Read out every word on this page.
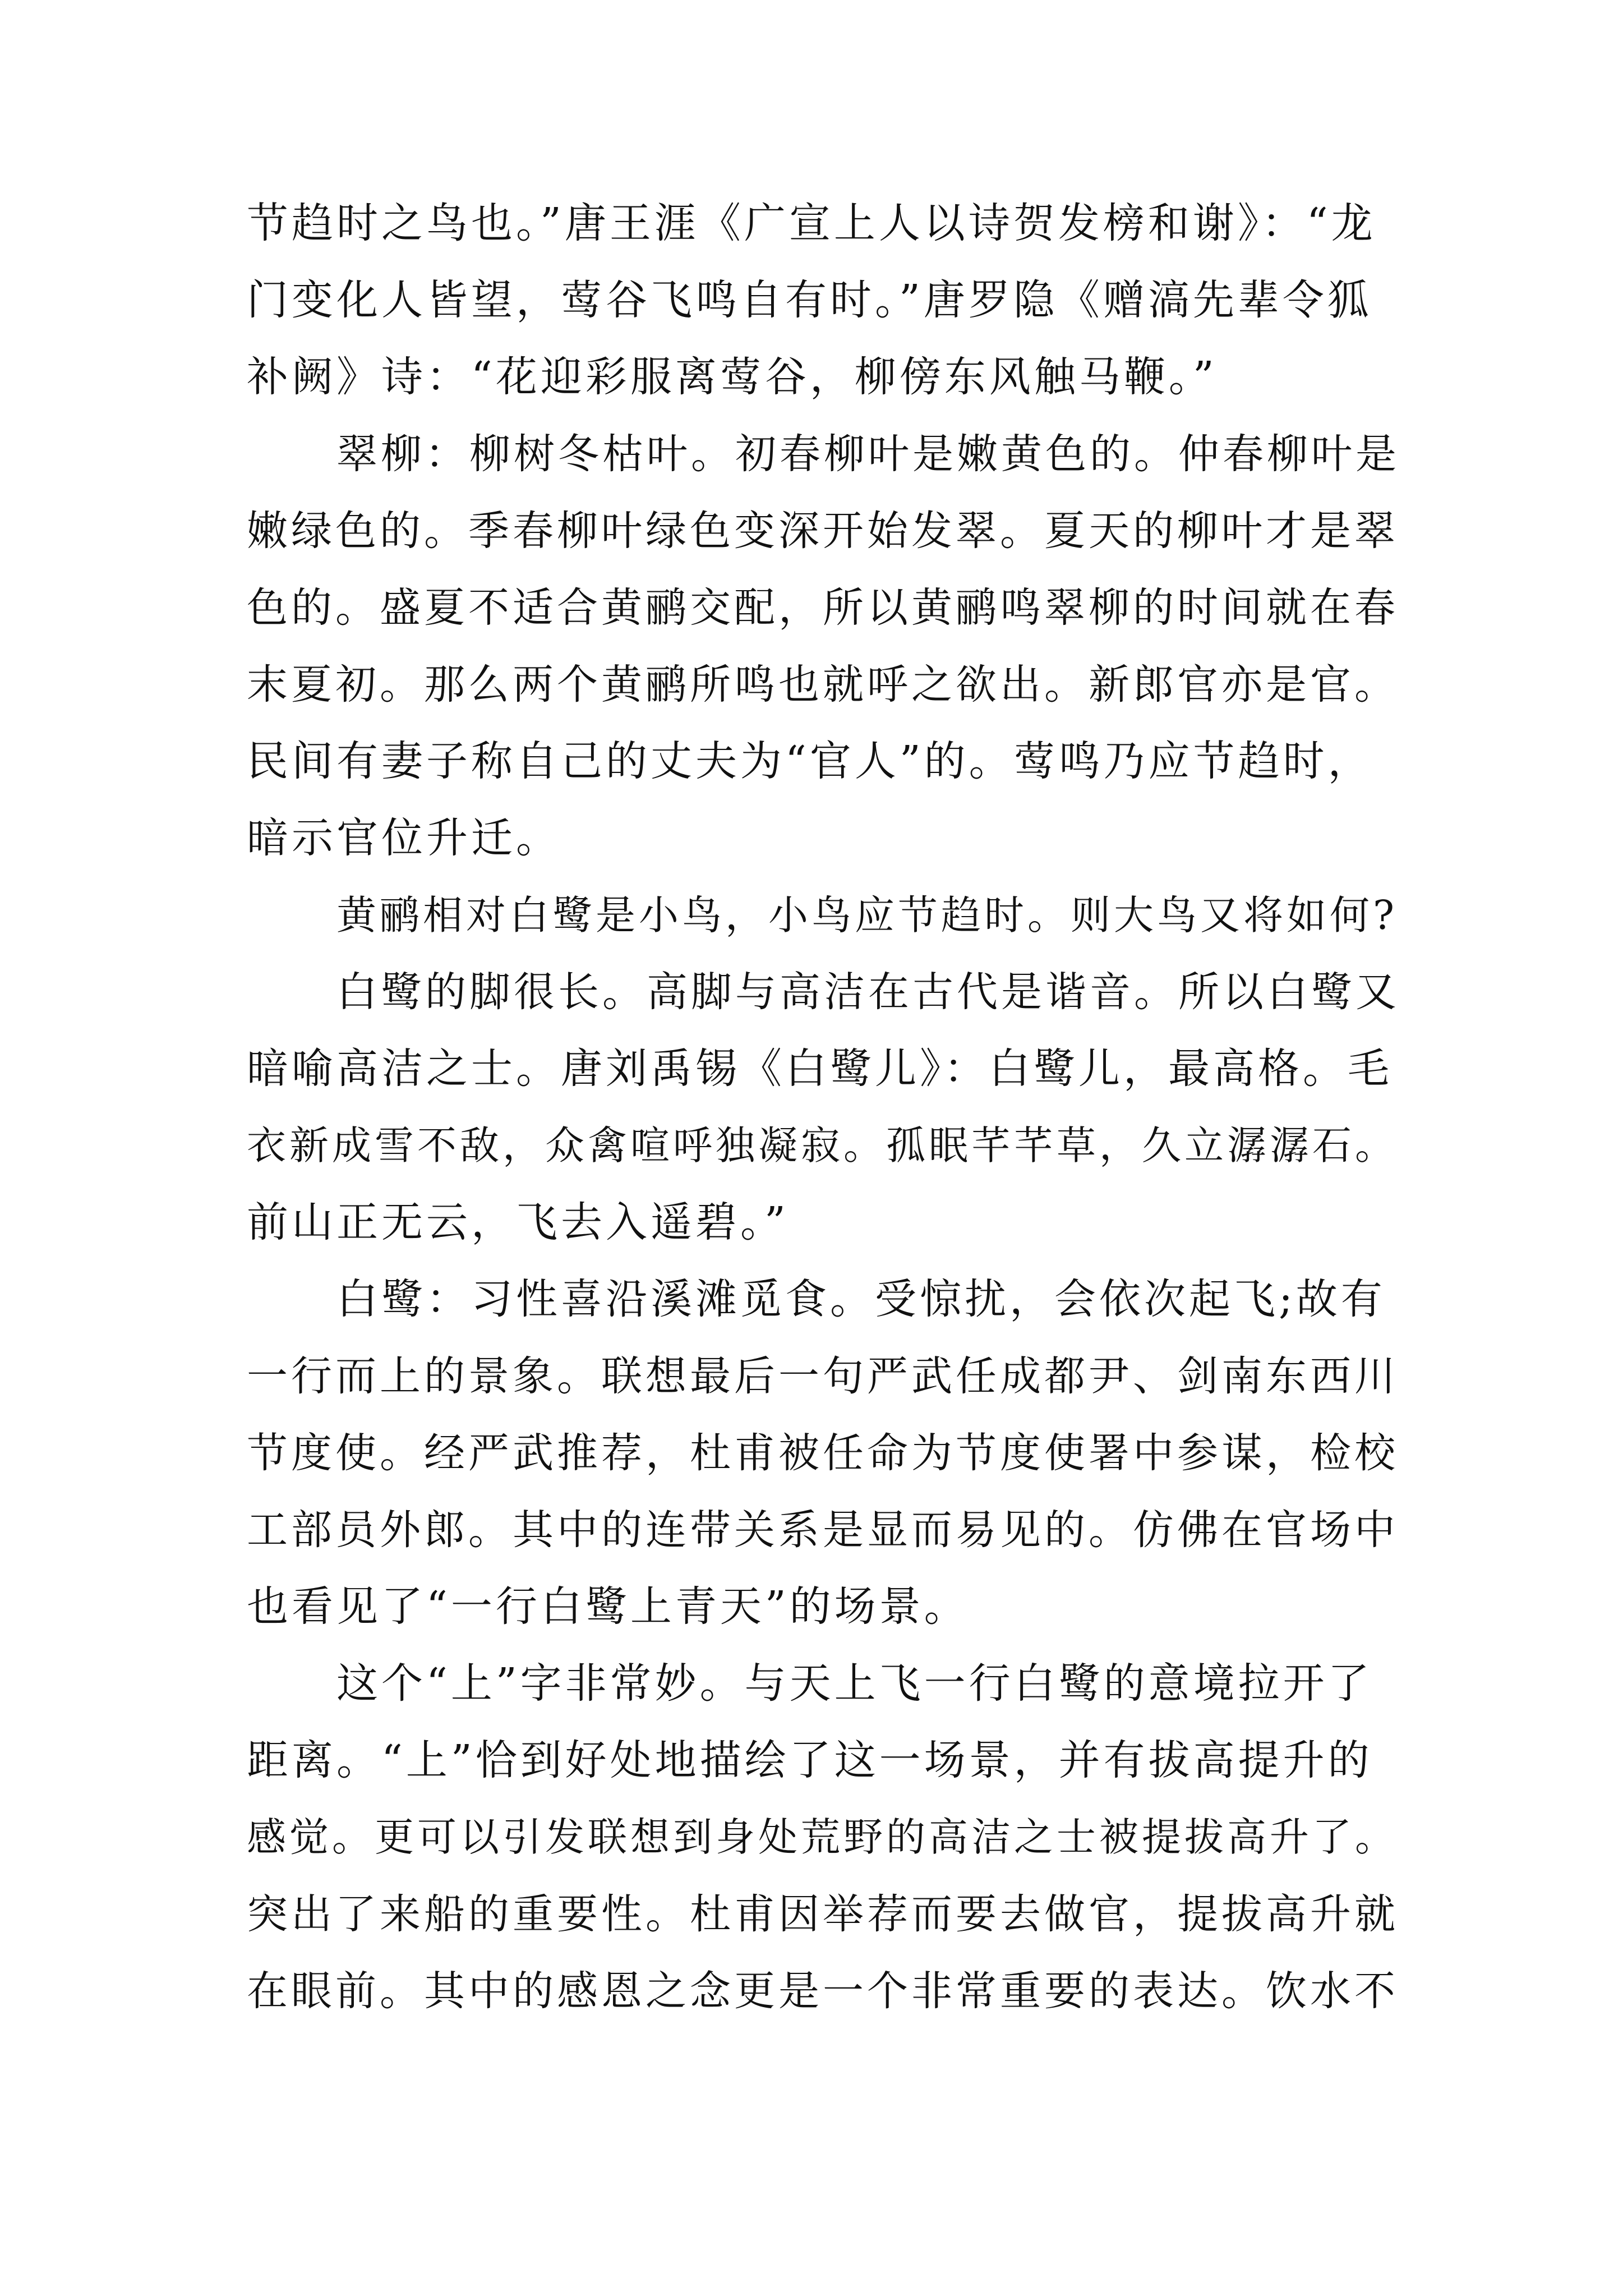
节趋时之鸟也。”唐王涯《广宣上人以诗贺发榜和谢》：“龙
门变化人皆望，莺谷飞鸣自有时。”唐罗隐《赠滈先辈令狐
补阙》诗：“花迎彩服离莺谷，柳傍东风触马鞭。”
翠柳：柳树冬枯叶。初春柳叶是嫩黄色的。仲春柳叶是
嫩绿色的。季春柳叶绿色变深开始发翠。夏天的柳叶才是翠
色的。盛夏不适合黄鹂交配，所以黄鹂鸣翠柳的时间就在春
末夏初。那么两个黄鹂所鸣也就呼之欲出。新郎官亦是官。
民间有妻子称自己的丈夫为“官人”的。莺鸣乃应节趋时，
暗示官位升迁。
黄鹂相对白鹭是小鸟，小鸟应节趋时。则大鸟又将如何?
白鹭的脚很长。高脚与高洁在古代是谐音。所以白鹭又
暗喻高洁之士。唐刘禹锡《白鹭儿》：白鹭儿，最高格。毛
衣新成雪不敌，众禽喧呼独凝寂。孤眠芊芊草，久立潺潺石。
前山正无云，飞去入遥碧。”
白鹭：习性喜沿溪滩觅食。受惊扰，会依次起飞;故有
一行而上的景象。联想最后一句严武任成都尹、剑南东西川
节度使。经严武推荐，杜甫被任命为节度使署中参谋，检校
工部员外郎。其中的连带关系是显而易见的。仿佛在官场中
也看见了“一行白鹭上青天”的场景。
这个“上”字非常妙。与天上飞一行白鹭的意境拉开了
距离。“上”恰到好处地描绘了这一场景，并有拔高提升的
感觉。更可以引发联想到身处荒野的高洁之士被提拔高升了。
突出了来船的重要性。杜甫因举荐而要去做官，提拔高升就
在眼前。其中的感恩之念更是一个非常重要的表达。饮水不
